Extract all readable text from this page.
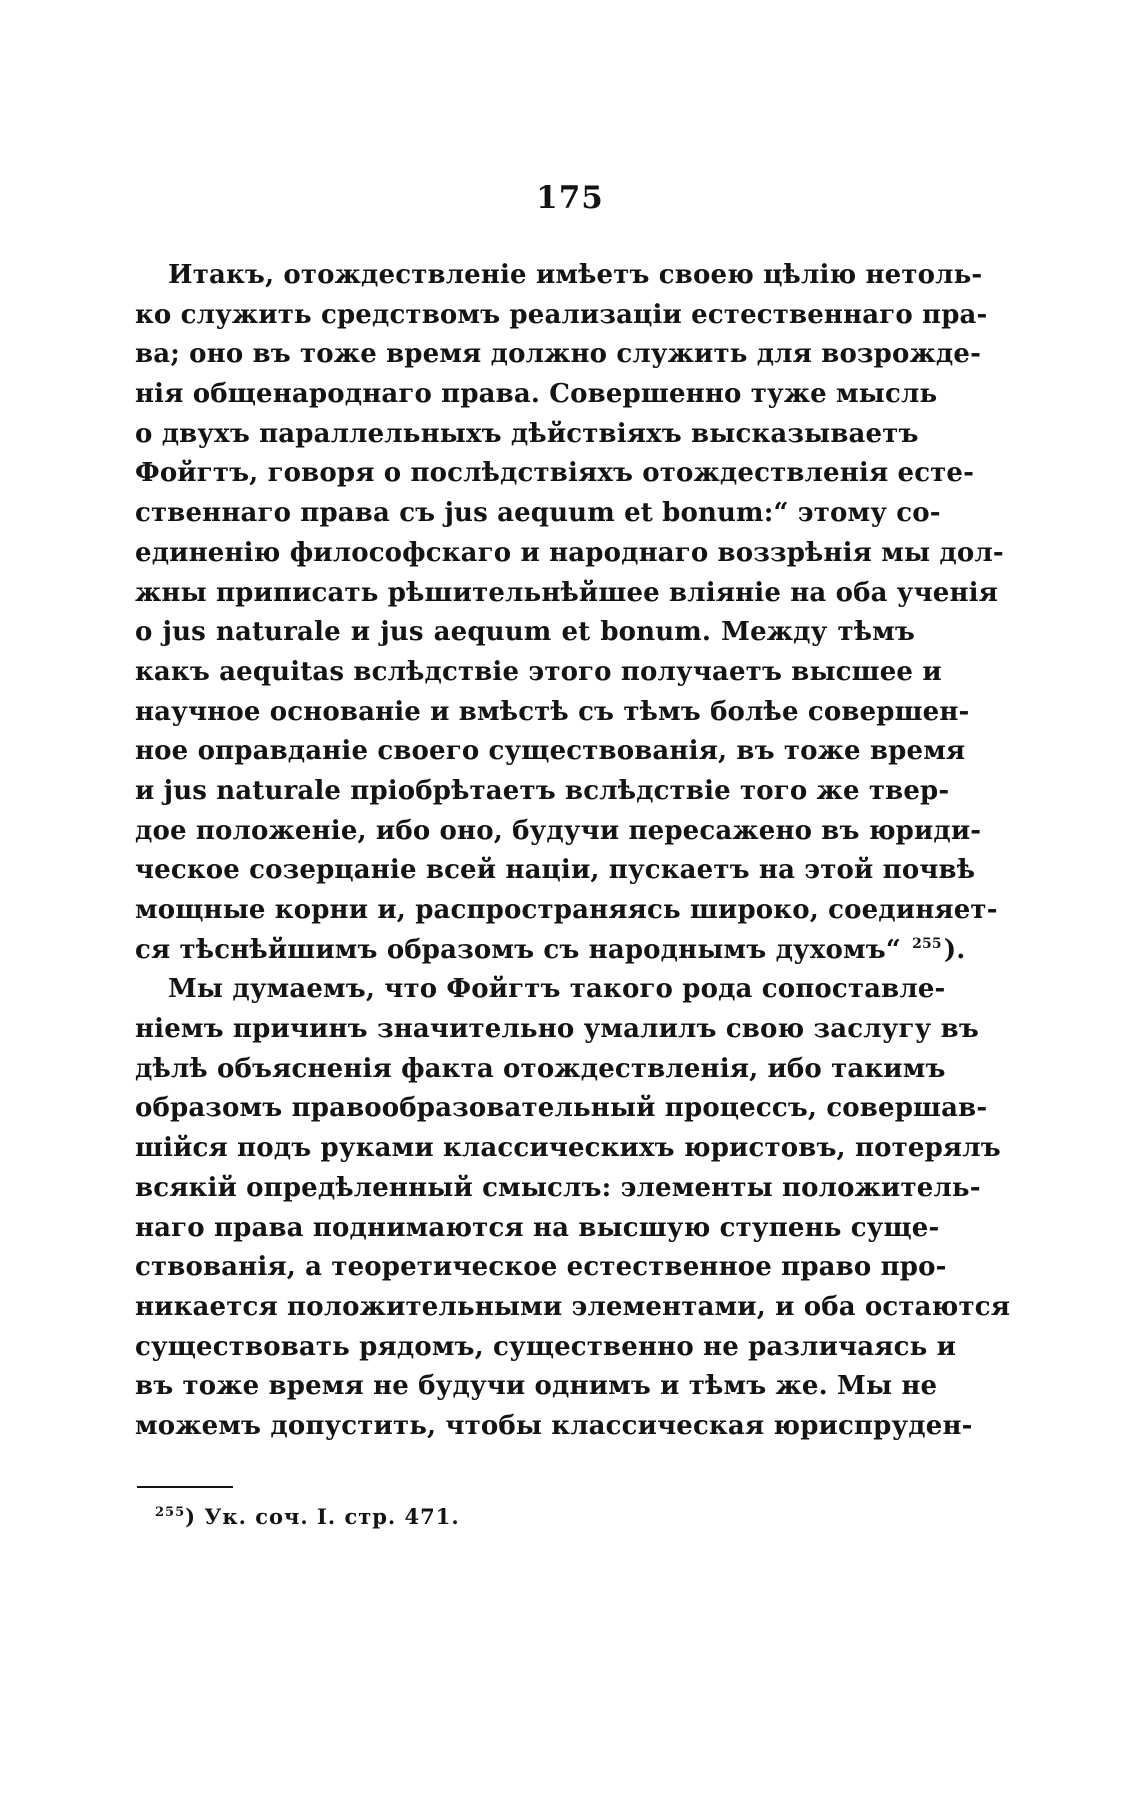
175
Итакъ, отождествленіе имѣетъ своею цѣлію нетоль-
ко служить средствомъ реализаціи естественнаго пра-
ва; оно въ тоже время должно служить для возрожде-
нія общенароднаго права. Совершенно туже мысль
о двухъ параллельныхъ дѣйствіяхъ высказываетъ
Фойгтъ, говоря о послѣдствіяхъ отождествленія есте-
ственнаго права съ jus aequum et bonum:“ этому со-
единенію философскаго и народнаго воззрѣнія мы дол-
жны приписать рѣшительнѣйшее вліяніе на оба ученія
о jus naturale и jus aequum et bonum. Между тѣмъ
какъ aequitas вслѣдствіе этого получаетъ высшее и
научное основаніе и вмѣстѣ съ тѣмъ болѣе совершен-
ное оправданіе своего существованія, въ тоже время
и jus naturale пріобрѣтаетъ вслѣдствіе того же твер-
дое положеніе, ибо оно, будучи пересажено въ юриди-
ческое созерцаніе всей націи, пускаетъ на этой почвѣ
мощные корни и, распространяясь широко, соединяет-
ся тѣснѣйшимъ образомъ съ народнымъ духомъ“ $^{255}$).
Мы думаемъ, что Фойгтъ такого рода сопоставле-
ніемъ причинъ значительно умалилъ свою заслугу въ
дѣлѣ объясненія факта отождествленія, ибо такимъ
образомъ правообразовательный процессъ, совершав-
шійся подъ руками классическихъ юристовъ, потерялъ
всякій опредѣленный смыслъ: элементы положитель-
наго права поднимаются на высшую ступень суще-
ствованія, а теоретическое естественное право про-
никается положительными элементами, и оба остаются
существовать рядомъ, существенно не различаясь и
въ тоже время не будучи однимъ и тѣмъ же. Мы не
можемъ допустить, чтобы классическая юриспруден-
$^{255}$) Ук. соч. I. стр. 471.
